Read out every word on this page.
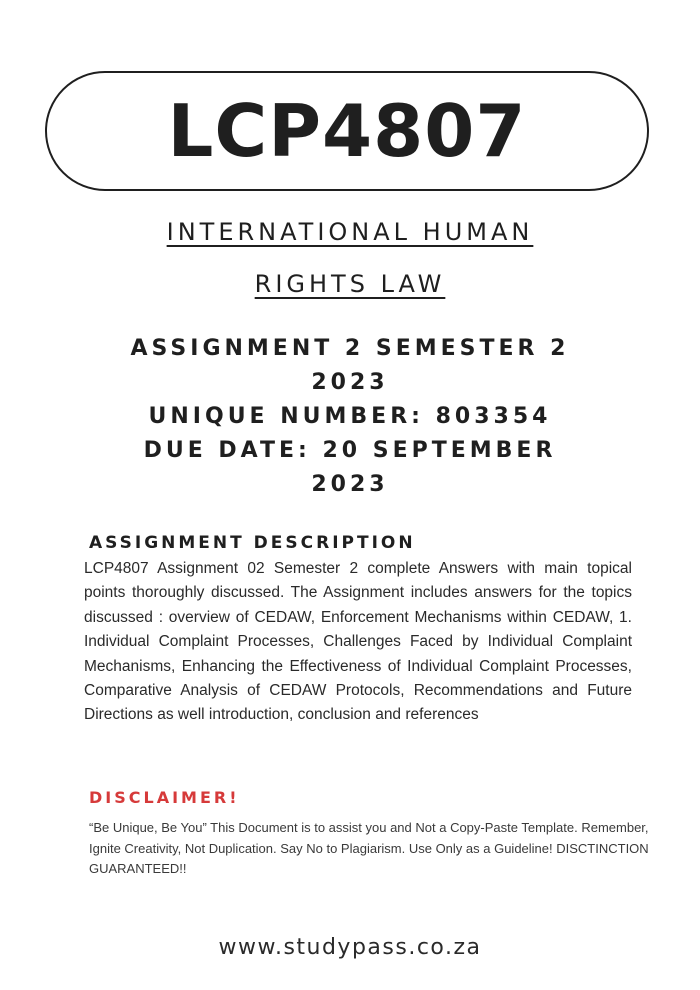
LCP4807
INTERNATIONAL HUMAN
RIGHTS LAW
ASSIGNMENT 2 SEMESTER 2
2023
UNIQUE NUMBER: 803354
DUE DATE: 20 SEPTEMBER
2023
ASSIGNMENT DESCRIPTION
LCP4807 Assignment 02 Semester 2 complete Answers with main topical points thoroughly discussed. The Assignment includes answers for the topics discussed : overview of CEDAW, Enforcement Mechanisms within CEDAW, 1. Individual Complaint Processes, Challenges Faced by Individual Complaint Mechanisms, Enhancing the Effectiveness of Individual Complaint Processes, Comparative Analysis of CEDAW Protocols, Recommendations and Future Directions as well introduction, conclusion and references
DISCLAIMER!
“Be Unique, Be You” This Document is to assist you and Not a Copy-Paste Template. Remember, Ignite Creativity, Not Duplication. Say No to Plagiarism. Use Only as a Guideline! DISCTINCTION GUARANTEED!!
www.studypass.co.za
